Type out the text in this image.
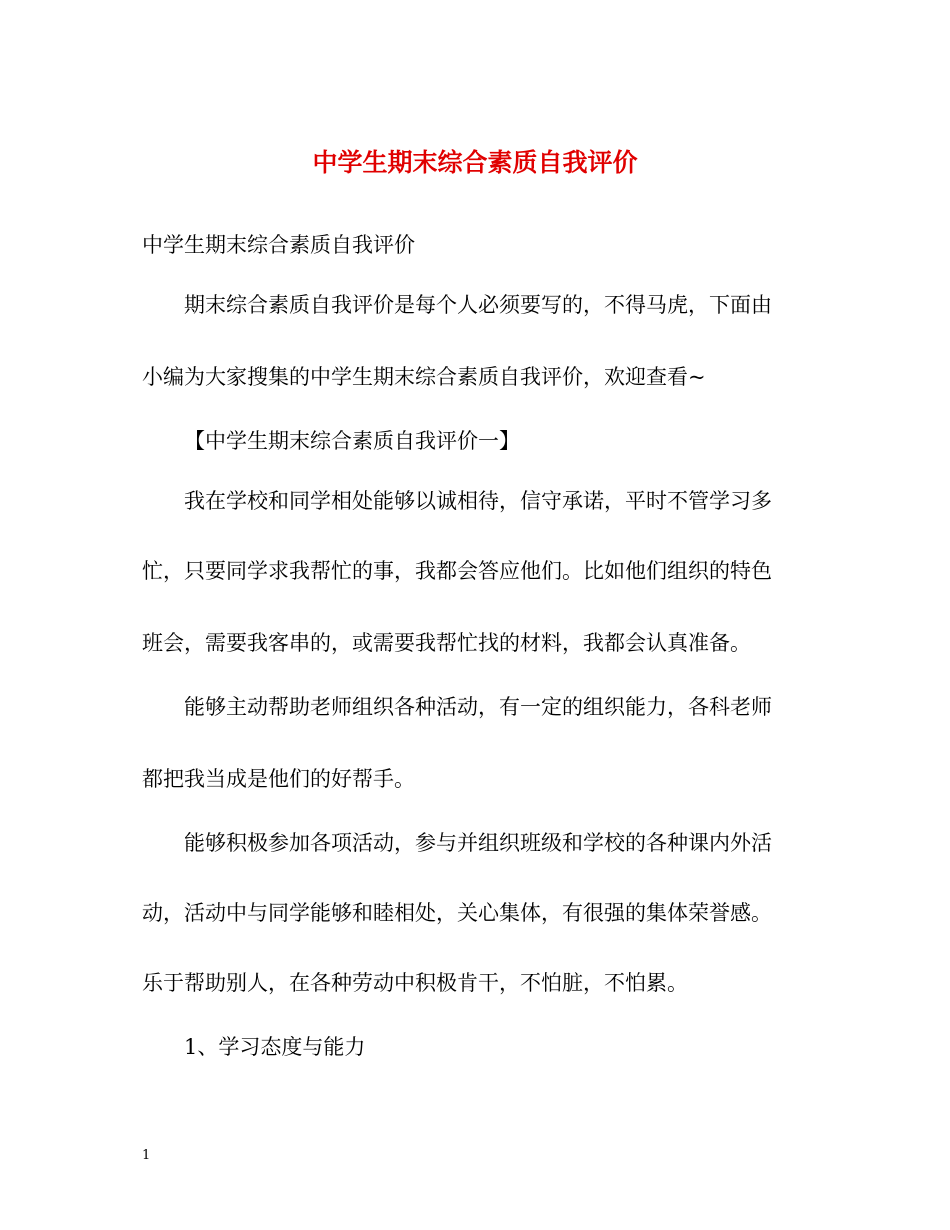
中学生期末综合素质自我评价

中学生期末综合素质自我评价

期末综合素质自我评价是每个人必须要写的，不得马虎，下面由

小编为大家搜集的中学生期末综合素质自我评价，欢迎查看~

【中学生期末综合素质自我评价一】

我在学校和同学相处能够以诚相待，信守承诺，平时不管学习多

忙，只要同学求我帮忙的事，我都会答应他们。比如他们组织的特色

班会，需要我客串的，或需要我帮忙找的材料，我都会认真准备。

能够主动帮助老师组织各种活动，有一定的组织能力，各科老师

都把我当成是他们的好帮手。

能够积极参加各项活动，参与并组织班级和学校的各种课内外活

动，活动中与同学能够和睦相处，关心集体，有很强的集体荣誉感。

乐于帮助别人，在各种劳动中积极肯干，不怕脏，不怕累。

1、学习态度与能力

1
